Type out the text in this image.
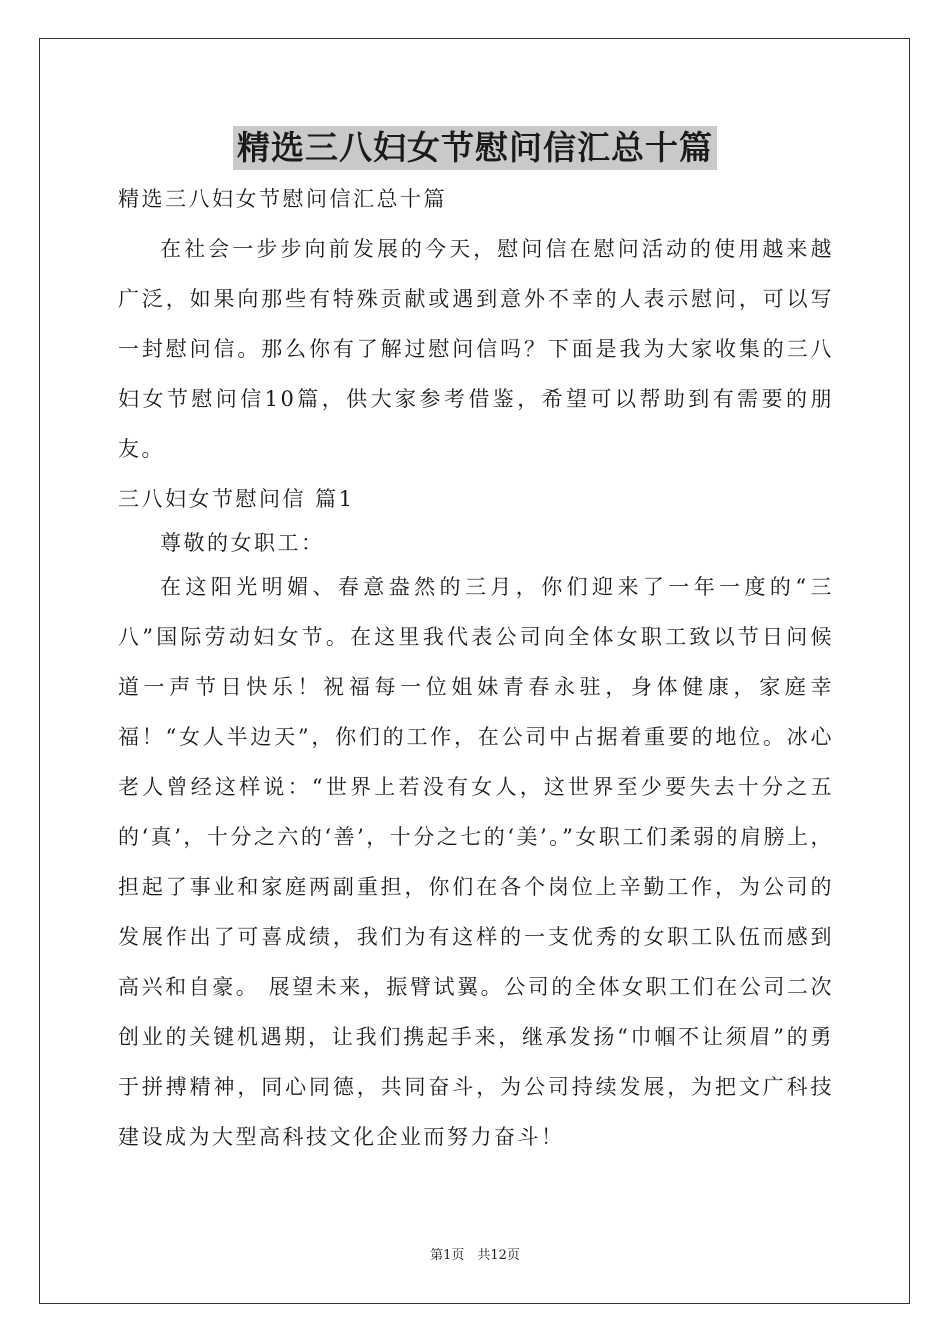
精选三八妇女节慰问信汇总十篇

精选三八妇女节慰问信汇总十篇

在社会一步步向前发展的今天，慰问信在慰问活动的使用越来越广泛，如果向那些有特殊贡献或遇到意外不幸的人表示慰问，可以写一封慰问信。那么你有了解过慰问信吗？下面是我为大家收集的三八妇女节慰问信10篇，供大家参考借鉴，希望可以帮助到有需要的朋友。

三八妇女节慰问信 篇1

尊敬的女职工：

在这阳光明媚、春意盎然的三月，你们迎来了一年一度的“三八”国际劳动妇女节。在这里我代表公司向全体女职工致以节日问候道一声节日快乐！祝福每一位姐妹青春永驻，身体健康，家庭幸福！“女人半边天”，你们的工作，在公司中占据着重要的地位。冰心老人曾经这样说：“世界上若没有女人，这世界至少要失去十分之五的‘真’，十分之六的‘善’，十分之七的‘美’。”女职工们柔弱的肩膀上，担起了事业和家庭两副重担，你们在各个岗位上辛勤工作，为公司的发展作出了可喜成绩，我们为有这样的一支优秀的女职工队伍而感到高兴和自豪。 展望未来，振臂试翼。公司的全体女职工们在公司二次创业的关键机遇期，让我们携起手来，继承发扬“巾帼不让须眉”的勇于拼搏精神，同心同德，共同奋斗，为公司持续发展，为把文广科技建设成为大型高科技文化企业而努力奋斗！

第1页　共12页
